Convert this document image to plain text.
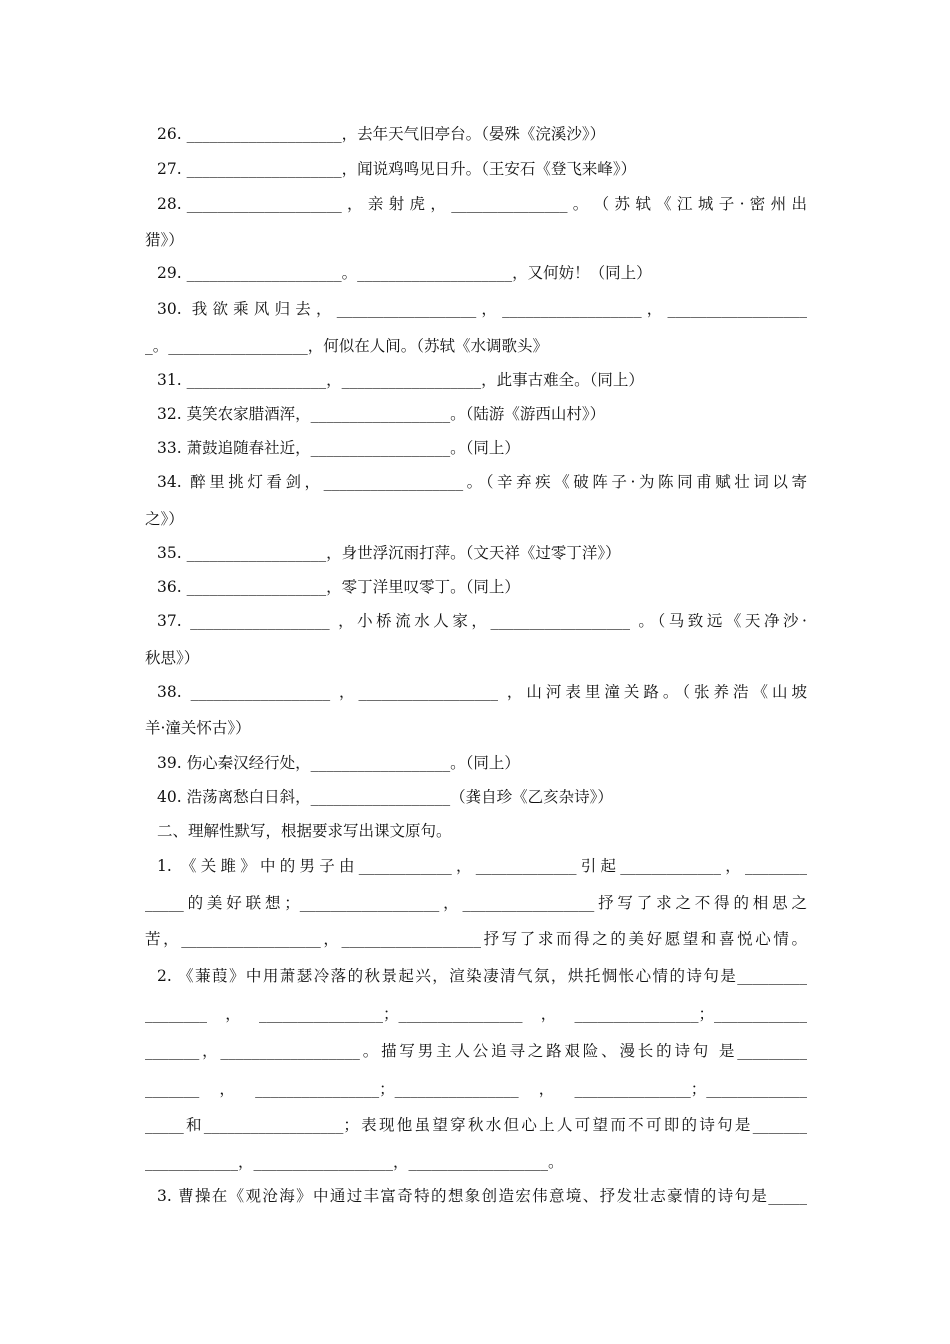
26. ____________________，去年天气旧亭台。（晏殊《浣溪沙》）
27. ____________________，闻说鸡鸣见日升。（王安石《登飞来峰》）
28. ____________________ ， 亲 射 虎 ， _______________ 。 （ 苏 轼 《 江 城 子 · 密 州 出
猎》）
29. ____________________。____________________，又何妨！（同上）
30. 我欲乘风归去，__________________，__________________，__________________
_。__________________，何似在人间。（苏轼《水调歌头》
31. __________________，__________________，此事古难全。（同上）
32. 莫笑农家腊酒浑，__________________。（陆游《游西山村》）
33. 萧鼓追随春社近，__________________。（同上）
34. 醉里挑灯看剑，__________________。（辛弃疾《破阵子·为陈同甫赋壮词以寄
之》）
35. __________________，身世浮沉雨打萍。（文天祥《过零丁洋》）
36. __________________，零丁洋里叹零丁。（同上）
37. __________________ ，小桥流水人家，__________________ 。（马致远《天净沙·
秋思》）
38. __________________ ，__________________ ，山河表里潼关路。（张养浩《山坡
羊·潼关怀古》）
39. 伤心秦汉经行处，__________________。（同上）
40. 浩荡离愁白日斜，__________________（龚自珍《乙亥杂诗》）
二、理解性默写，根据要求写出课文原句。
1. 《关雎》中的男子由____________，_____________引起_____________，________
_____的美好联想；__________________，_________________抒写了求之不得的相思之
苦，__________________，__________________抒写了求而得之的美好愿望和喜悦心情。
2. 《蒹葭》中用萧瑟冷落的秋景起兴，渲染凄清气氛，烘托惆怅心情的诗句是_________
________，________________；________________，________________；____________
_______，__________________。描写男主人公追寻之路艰险、漫长的诗句 是_________
_______，________________；________________，_______________；_____________
_____和__________________；表现他虽望穿秋水但心上人可望而不可即的诗句是_______
____________，__________________，__________________。
3. 曹操在《观沧海》中通过丰富奇特的想象创造宏伟意境、抒发壮志豪情的诗句是_____
